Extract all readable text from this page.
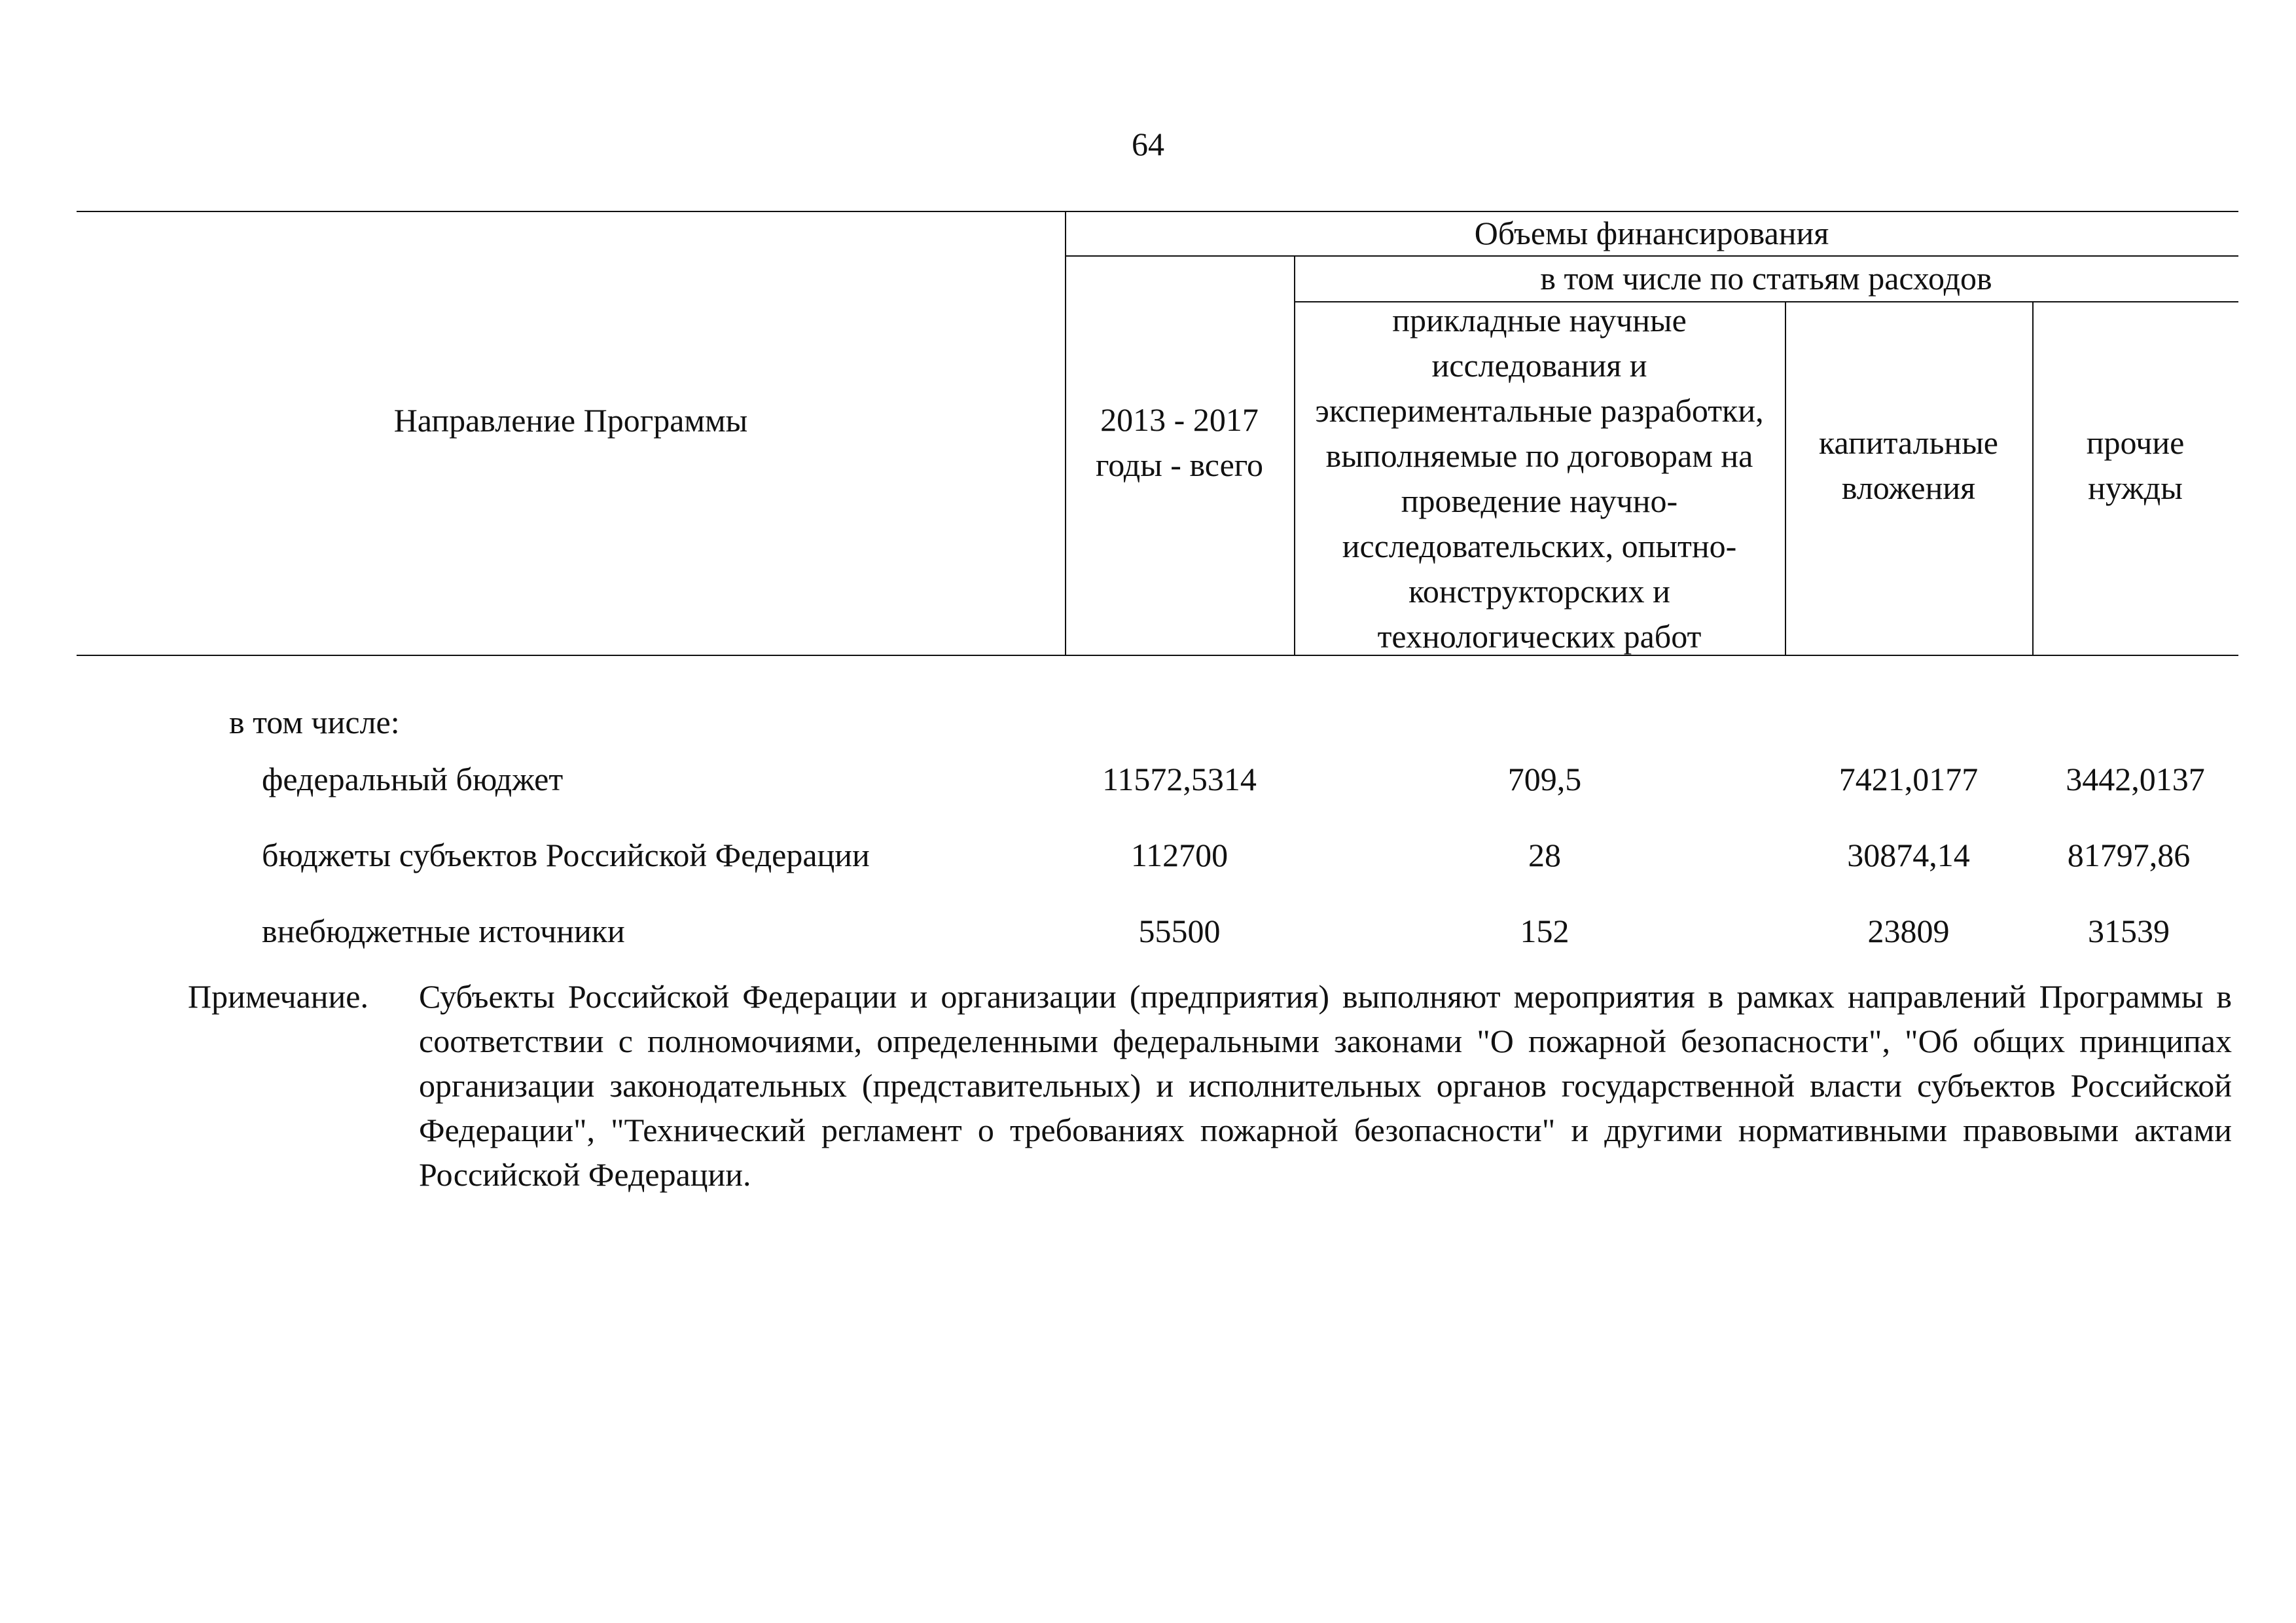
64
Направление Программы
Объемы финансирования
2013 - 2017 годы - всего
в том числе по статьям расходов
прикладные научные исследования и экспериментальные разработки, выполняемые по договорам на проведение научно-исследовательских, опытно-конструкторских и технологических работ
капитальные вложения
прочие нужды
в том числе:
федеральный бюджет	11572,5314	709,5	7421,0177	3442,0137
бюджеты субъектов Российской Федерации	112700	28	30874,14	81797,86
внебюджетные источники	55500	152	23809	31539
Примечание. Субъекты Российской Федерации и организации (предприятия) выполняют мероприятия в рамках направлений Программы в соответствии с полномочиями, определенными федеральными законами "О пожарной безопасности", "Об общих принципах организации законодательных (представительных) и исполнительных органов государственной власти субъектов Российской Федерации", "Технический регламент о требованиях пожарной безопасности" и другими нормативными правовыми актами Российской Федерации.
